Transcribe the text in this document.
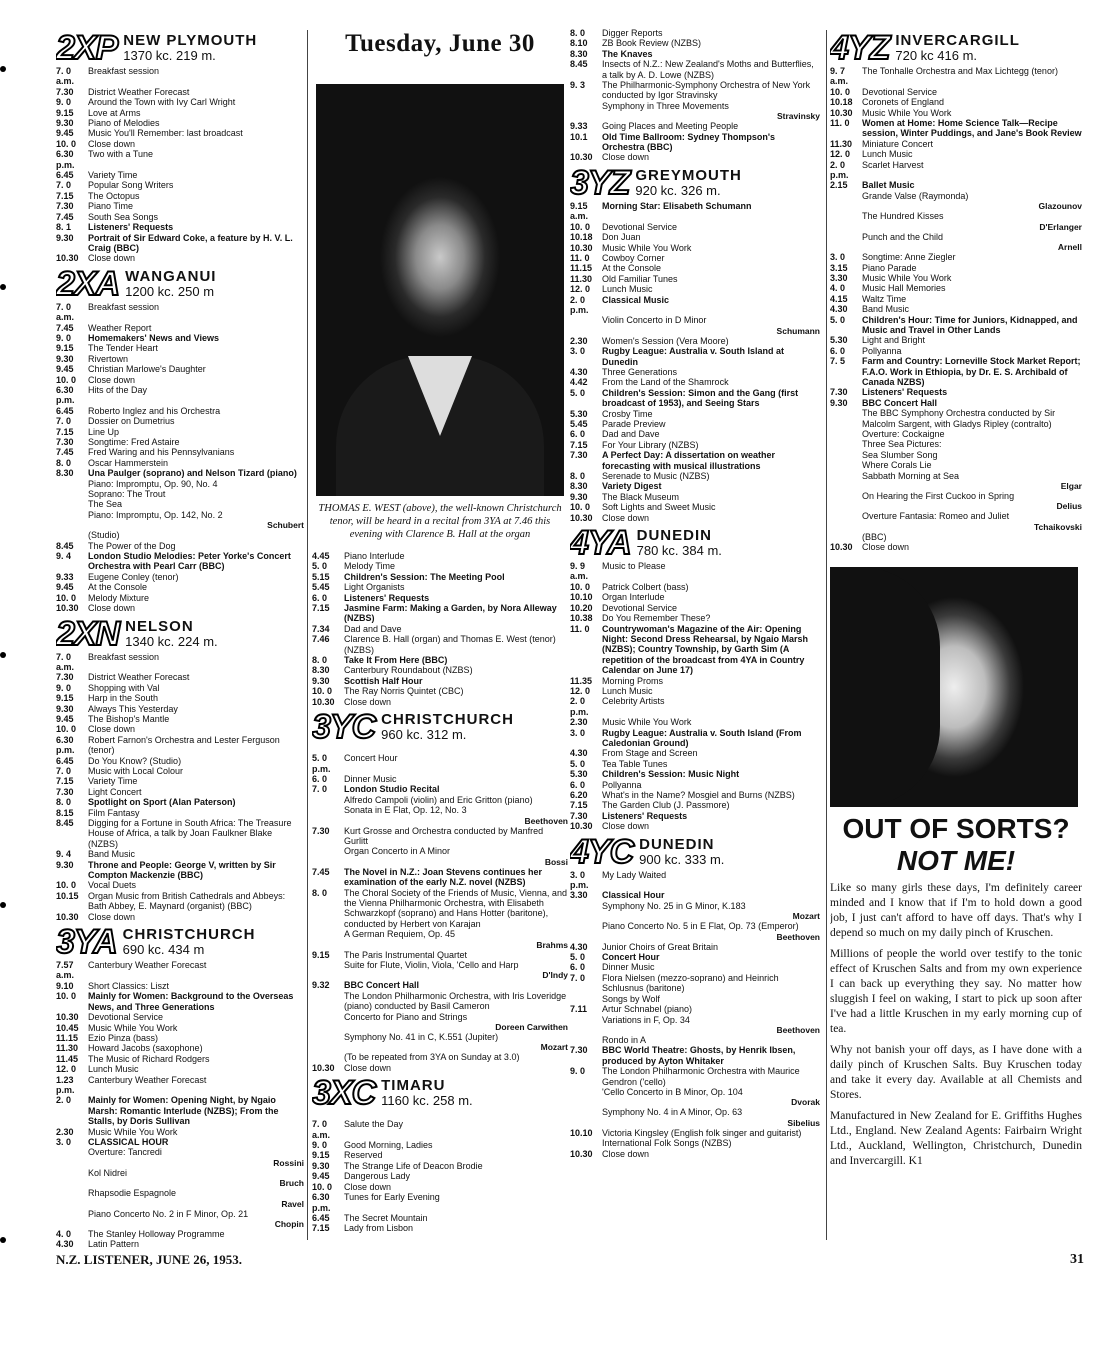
2XP NEW PLYMOUTH
1370 kc. 219 m.
7. 0 a.m.
Breakfast session
7.30	District Weather Forecast
9. 0	Around the Town with Ivy Carl Wright
9.15	Love at Arms
9.30	Piano of Melodies
9.45	Music You'll Remember: last broadcast
10. 0	Close down
6.30 p.m.
Two with a Tune
6.45	Variety Time
7. 0	Popular Song Writers
7.15	The Octopus
7.30	Piano Time
7.45	South Sea Songs
8. 1	Listeners' Requests
9.30	Portrait of Sir Edward Coke, a feature by H. V. L. Craig (BBC)
10.30	Close down
2XA WANGANUI
1200 kc. 250 m
7. 0 a.m.
Breakfast session
7.45	Weather Report
9. 0	Homemakers' News and Views
9.15	The Tender Heart
9.30	Rivertown
9.45	Christian Marlowe's Daughter
10. 0	Close down
6.30 p.m.
Hits of the Day
6.45	Roberto Inglez and his Orchestra
7. 0	Dossier on Dumetrius
7.15	Line Up
7.30	Songtime: Fred Astaire
7.45	Fred Waring and his Pennsylvanians
8. 0	Oscar Hammerstein
8.30	Una Paulger (soprano) and Nelson Tizard (piano)
Piano: Impromptu, Op. 90, No. 4
Soprano: The Trout
The Sea
Piano: Impromptu, Op. 142, No. 2
Schubert
(Studio)
8.45	The Power of the Dog
9. 4	London Studio Melodies: Peter Yorke's Concert Orchestra with Pearl Carr (BBC)
9.33	Eugene Conley (tenor)
9.45	At the Console
10. 0	Melody Mixture
10.30	Close down
2XN NELSON
1340 kc. 224 m.
7. 0 a.m.
Breakfast session
7.30	District Weather Forecast
9. 0	Shopping with Val
9.15	Harp in the South
9.30	Always This Yesterday
9.45	The Bishop's Mantle
10. 0	Close down
6.30 p.m.
Robert Farnon's Orchestra and Lester Ferguson (tenor)
6.45	Do You Know? (Studio)
7. 0	Music with Local Colour
7.15	Variety Time
7.30	Light Concert
8. 0	Spotlight on Sport (Alan Paterson)
8.15	Film Fantasy
8.45	Digging for a Fortune in South Africa: The Treasure House of Africa, a talk by Joan Faulkner Blake (NZBS)
9. 4	Band Music
9.30	Throne and People: George V, written by Sir Compton Mackenzie (BBC)
10. 0	Vocal Duets
10.15	Organ Music from British Cathedrals and Abbeys: Bath Abbey, E. Maynard (organist) (BBC)
10.30	Close down
3YA CHRISTCHURCH
690 kc. 434 m
7.57 a.m.
Canterbury Weather Forecast
9.10	Short Classics: Liszt
10. 0	Mainly for Women: Background to the Overseas News, and Three Generations
10.30	Devotional Service
10.45	Music While You Work
11.15	Ezio Pinza (bass)
11.30	Howard Jacobs (saxophone)
11.45	The Music of Richard Rodgers
12. 0	Lunch Music
1.23 p.m.
Canterbury Weather Forecast
2. 0	Mainly for Women: Opening Night, by Ngaio Marsh: Romantic Interlude (NZBS); From the Stalls, by Doris Sullivan
2.30	Music While You Work
3. 0	CLASSICAL HOUR
Overture: Tancredi
Rossini
Kol Nidrei
Bruch
Rhapsodie Espagnole
Ravel
Piano Concerto No. 2 in F Minor, Op. 21
Chopin
4. 0	The Stanley Holloway Programme
4.30	Latin Pattern
Tuesday, June 30
THOMAS E. WEST (above), the well-known Christchurch tenor, will be heard in a recital from 3YA at 7.46 this evening with Clarence B. Hall at the organ
4.45	Piano Interlude
5. 0	Melody Time
5.15	Children's Session: The Meeting Pool
5.45	Light Organists
6. 0	Listeners' Requests
7.15	Jasmine Farm: Making a Garden, by Nora Alleway (NZBS)
7.34	Dad and Dave
7.46	Clarence B. Hall (organ) and Thomas E. West (tenor) (NZBS)
8. 0	Take It From Here (BBC)
8.30	Canterbury Roundabout (NZBS)
9.30	Scottish Half Hour
10. 0	The Ray Norris Quintet (CBC)
10.30	Close down
3YC CHRISTCHURCH
960 kc. 312 m.
5. 0 p.m.
Concert Hour
6. 0	Dinner Music
7. 0	London Studio Recital
Alfredo Campoli (violin) and Eric Gritton (piano)
Sonata in E Flat, Op. 12, No. 3
Beethoven
7.30	Kurt Grosse and Orchestra conducted by Manfred Gurlitt
Organ Concerto in A Minor
Bossi
7.45	The Novel in N.Z.: Joan Stevens continues her examination of the early N.Z. novel (NZBS)
8. 0	The Choral Society of the Friends of Music, Vienna, and the Vienna Philharmonic Orchestra, with Elisabeth Schwarzkopf (soprano) and Hans Hotter (baritone), conducted by Herbert von Karajan
A German Requiem, Op. 45
Brahms
9.15	The Paris Instrumental Quartet
Suite for Flute, Violin, Viola, 'Cello and Harp
D'Indy
9.32	BBC Concert Hall
The London Philharmonic Orchestra, with Iris Loveridge (piano) conducted by Basil Cameron
Concerto for Piano and Strings
Doreen Carwithen
Symphony No. 41 in C, K.551 (Jupiter)
Mozart
(To be repeated from 3YA on Sunday at 3.0)
10.30	Close down
3XC TIMARU
1160 kc. 258 m.
7. 0 a.m.
Salute the Day
9. 0	Good Morning, Ladies
9.15	Reserved
9.30	The Strange Life of Deacon Brodie
9.45	Dangerous Lady
10. 0	Close down
6.30 p.m.
Tunes for Early Evening
6.45	The Secret Mountain
7.15	Lady from Lisbon
8. 0	Digger Reports
8.10	ZB Book Review (NZBS)
8.30	The Knaves
8.45	Insects of N.Z.: New Zealand's Moths and Butterflies, a talk by A. D. Lowe (NZBS)
9. 3	The Philharmonic-Symphony Orchestra of New York conducted by Igor Stravinsky
Symphony in Three Movements
Stravinsky
9.33	Going Places and Meeting People
10.1	Old Time Ballroom: Sydney Thompson's Orchestra (BBC)
10.30	Close down
3YZ GREYMOUTH
920 kc. 326 m.
9.15 a.m.
Morning Star: Elisabeth Schumann
10. 0	Devotional Service
10.18	Don Juan
10.30	Music While You Work
11. 0	Cowboy Corner
11.15	At the Console
11.30	Old Familiar Tunes
12. 0	Lunch Music
2. 0 p.m.
Classical Music
Violin Concerto in D Minor
Schumann
2.30	Women's Session (Vera Moore)
3. 0	Rugby League: Australia v. South Island at Dunedin
4.30	Three Generations
4.42	From the Land of the Shamrock
5. 0	Children's Session: Simon and the Gang (first broadcast of 1953), and Seeing Stars
5.30	Crosby Time
5.45	Parade Preview
6. 0	Dad and Dave
7.15	For Your Library (NZBS)
7.30	A Perfect Day: A dissertation on weather forecasting with musical illustrations
8. 0	Serenade to Music (NZBS)
8.30	Variety Digest
9.30	The Black Museum
10. 0	Soft Lights and Sweet Music
10.30	Close down
4YA DUNEDIN
780 kc. 384 m.
9. 9 a.m.
Music to Please
10. 0	Patrick Colbert (bass)
10.10	Organ Interlude
10.20	Devotional Service
10.38	Do You Remember These?
11. 0	Countrywoman's Magazine of the Air: Opening Night: Second Dress Rehearsal, by Ngaio Marsh (NZBS); Country Township, by Garth Sim (A repetition of the broadcast from 4YA in Country Calendar on June 17)
11.35	Morning Proms
12. 0	Lunch Music
2. 0 p.m.
Celebrity Artists
2.30	Music While You Work
3. 0	Rugby League: Australia v. South Island (From Caledonian Ground)
4.30	From Stage and Screen
5. 0	Tea Table Tunes
5.30	Children's Session: Music Night
6. 0	Pollyanna
6.20	What's in the Name? Mosgiel and Burns (NZBS)
7.15	The Garden Club (J. Passmore)
7.30	Listeners' Requests
10.30	Close down
4YC DUNEDIN
900 kc. 333 m.
3. 0 p.m.
My Lady Waited
3.30	Classical Hour
Symphony No. 25 in G Minor, K.183
Mozart
Piano Concerto No. 5 in E Flat, Op. 73 (Emperor)
Beethoven
4.30	Junior Choirs of Great Britain
5. 0	Concert Hour
6. 0	Dinner Music
7. 0	Flora Nielsen (mezzo-soprano) and Heinrich Schlusnus (baritone)
Songs by Wolf
7.11	Artur Schnabel (piano)
Variations in F, Op. 34
Beethoven
Rondo in A
7.30	BBC World Theatre: Ghosts, by Henrik Ibsen, produced by Ayton Whitaker
9. 0	The London Philharmonic Orchestra with Maurice Gendron ('cello)
'Cello Concerto in B Minor, Op. 104
Dvorak
Symphony No. 4 in A Minor, Op. 63
Sibelius
10.10	Victoria Kingsley (English folk singer and guitarist)
International Folk Songs (NZBS)
10.30	Close down
4YZ INVERCARGILL
720 kc 416 m.
9. 7 a.m.
The Tonhalle Orchestra and Max Lichtegg (tenor)
10. 0	Devotional Service
10.18	Coronets of England
10.30	Music While You Work
11. 0	Women at Home: Home Science Talk—Recipe session, Winter Puddings, and Jane's Book Review
11.30	Miniature Concert
12. 0	Lunch Music
2. 0 p.m.
Scarlet Harvest
2.15	Ballet Music
Grande Valse (Raymonda)
Glazounov
The Hundred Kisses
D'Erlanger
Punch and the Child
Arnell
3. 0	Songtime: Anne Ziegler
3.15	Piano Parade
3.30	Music While You Work
4. 0	Music Hall Memories
4.15	Waltz Time
4.30	Band Music
5. 0	Children's Hour: Time for Juniors, Kidnapped, and Music and Travel in Other Lands
5.30	Light and Bright
6. 0	Pollyanna
7. 5	Farm and Country: Lorneville Stock Market Report; F.A.O. Work in Ethiopia, by Dr. E. S. Archibald of Canada NZBS)
7.30	Listeners' Requests
9.30	BBC Concert Hall
The BBC Symphony Orchestra conducted by Sir Malcolm Sargent, with Gladys Ripley (contralto)
Overture: Cockaigne
Three Sea Pictures:
Sea Slumber Song
Where Corals Lie
Sabbath Morning at Sea
Elgar
On Hearing the First Cuckoo in Spring
Delius
Overture Fantasia: Romeo and Juliet
Tchaikovski
(BBC)
10.30	Close down
OUT OF SORTS?
NOT ME!
Like so many girls these days, I'm definitely career minded and I know that if I'm to hold down a good job, I just can't afford to have off days. That's why I depend so much on my daily pinch of Kruschen.
Millions of people the world over testify to the tonic effect of Kruschen Salts and from my own experience I can back up everything they say. No matter how sluggish I feel on waking, I start to pick up soon after I've had a little Kruschen in my early morning cup of tea.
Why not banish your off days, as I have done with a daily pinch of Kruschen Salts. Buy Kruschen today and take it every day. Available at all Chemists and Stores.
Manufactured in New Zealand for E. Griffiths Hughes Ltd., England. New Zealand Agents: Fairbairn Wright Ltd., Auckland, Wellington, Christchurch, Dunedin and Invercargill. K1
N.Z. LISTENER, JUNE 26, 1953.	31
